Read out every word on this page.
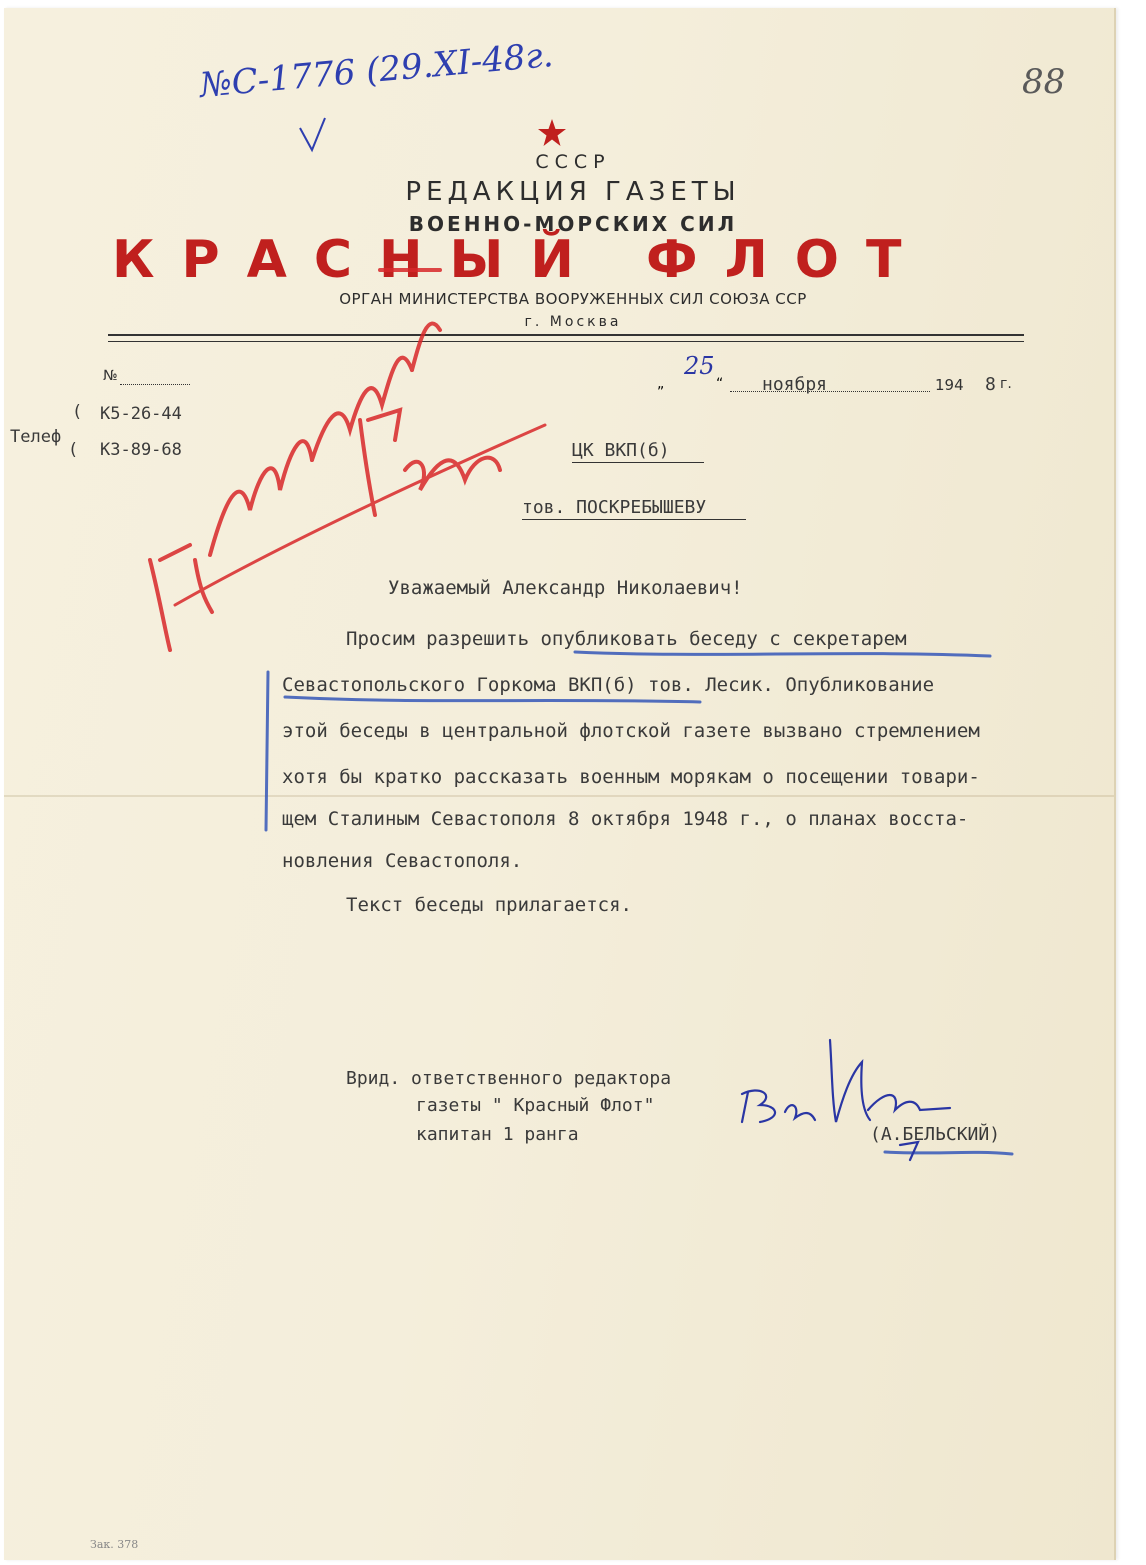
СССР
РЕДАКЦИЯ ГАЗЕТЫ
ВОЕННО-МОРСКИХ СИЛ
КРАСНЫЙ ФЛОТ
ОРГАН МИНИСТЕРСТВА ВООРУЖЕННЫХ СИЛ СОЮЗА ССР
г. Москва
№	„
25
“ ноября	194 8 г.
Телеф
(
(
К5-26-44
К3-89-68	ЦК ВКП(б)
тов. ПОСКРЕБЫШЕВУ
Уважаемый Александр Николаевич!
Просим разрешить опубликовать беседу с секретарем
Севастопольского Горкома ВКП(б) тов. Лесик. Опубликование
этой беседы в центральной флотской газете вызвано стремлением
хотя бы кратко рассказать военным морякам о посещении товари-
щем Сталиным Севастополя 8 октября 1948 г., о планах восста-
новления Севастополя.
Текст беседы прилагается.
Врид. ответственного редактора
газеты " Красный Флот"
капитан 1 ранга	(А.БЕЛЬСКИЙ)
№С-1776 (29.XI-48г.	88
Зак. 378
